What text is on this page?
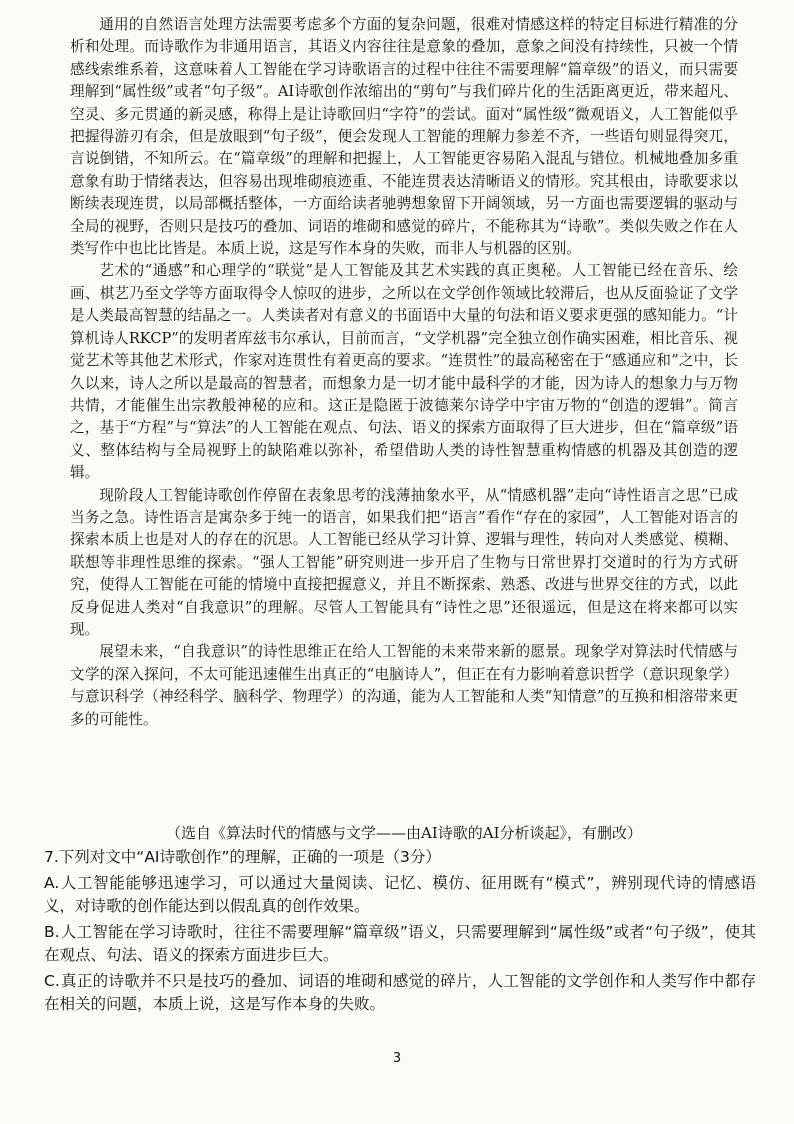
通用的自然语言处理方法需要考虑多个方面的复杂问题，很难对情感这样的特定目标进行精准的分析和处理。而诗歌作为非通用语言，其语义内容往往是意象的叠加，意象之间没有持续性，只被一个情感线索维系着，这意味着人工智能在学习诗歌语言的过程中往往不需要理解“篇章级”的语义，而只需要理解到“属性级”或者“句子级”。AI诗歌创作浓缩出的“剪句”与我们碎片化的生活距离更近，带来超凡、空灵、多元贯通的新灵感，称得上是让诗歌回归“字符”的尝试。面对“属性级”微观语义，人工智能似乎把握得游刃有余，但是放眼到“句子级”，便会发现人工智能的理解力参差不齐，一些语句则显得突兀，言说倒错，不知所云。在“篇章级”的理解和把握上，人工智能更容易陷入混乱与错位。机械地叠加多重意象有助于情绪表达，但容易出现堆砌痕迹重、不能连贯表达清晰语义的情形。究其根由，诗歌要求以断续表现连贯，以局部概括整体，一方面给读者驰骋想象留下开阔领域，另一方面也需要逻辑的驱动与全局的视野，否则只是技巧的叠加、词语的堆砌和感觉的碎片，不能称其为“诗歌”。类似失败之作在人类写作中也比比皆是。本质上说，这是写作本身的失败，而非人与机器的区别。

艺术的“通感”和心理学的“联觉”是人工智能及其艺术实践的真正奥秘。人工智能已经在音乐、绘画、棋艺乃至文学等方面取得令人惊叹的进步，之所以在文学创作领域比较滞后，也从反面验证了文学是人类最高智慧的结晶之一。人类读者对有意义的书面语中大量的句法和语义要求更强的感知能力。“计算机诗人RKCP”的发明者库兹韦尔承认，目前而言，“文学机器”完全独立创作确实困难，相比音乐、视觉艺术等其他艺术形式，作家对连贯性有着更高的要求。“连贯性”的最高秘密在于“感通应和”之中，长久以来，诗人之所以是最高的智慧者，而想象力是一切才能中最科学的才能，因为诗人的想象力与万物共情，才能催生出宗教般神秘的应和。这正是隐匿于波德莱尔诗学中宇宙万物的“创造的逻辑”。简言之，基于“方程”与“算法”的人工智能在观点、句法、语义的探索方面取得了巨大进步，但在“篇章级”语义、整体结构与全局视野上的缺陷难以弥补，希望借助人类的诗性智慧重构情感的机器及其创造的逻辑。

现阶段人工智能诗歌创作停留在表象思考的浅薄抽象水平，从“情感机器”走向“诗性语言之思”已成当务之急。诗性语言是寓杂多于纯一的语言，如果我们把“语言”看作“存在的家园”，人工智能对语言的探索本质上也是对人的存在的沉思。人工智能已经从学习计算、逻辑与理性，转向对人类感觉、模糊、联想等非理性思维的探索。“强人工智能”研究则进一步开启了生物与日常世界打交道时的行为方式研究，使得人工智能在可能的情境中直接把握意义，并且不断探索、熟悉、改进与世界交往的方式，以此反身促进人类对“自我意识”的理解。尽管人工智能具有“诗性之思”还很遥远，但是这在将来都可以实现。

展望未来，“自我意识”的诗性思维正在给人工智能的未来带来新的愿景。现象学对算法时代情感与文学的深入探问，不太可能迅速催生出真正的“电脑诗人”，但正在有力影响着意识哲学（意识现象学）与意识科学（神经科学、脑科学、物理学）的沟通，能为人工智能和人类“知情意”的互换和相溶带来更多的可能性。

（选自《算法时代的情感与文学——由AI诗歌的AI分析谈起》，有删改）
7.下列对文中“AI诗歌创作”的理解，正确的一项是（3分）
A.人工智能能够迅速学习，可以通过大量阅读、记忆、模仿、征用既有“模式”，辨别现代诗的情感语义，对诗歌的创作能达到以假乱真的创作效果。
B.人工智能在学习诗歌时，往往不需要理解“篇章级”语义，只需要理解到“属性级”或者“句子级”，使其在观点、句法、语义的探索方面进步巨大。
C.真正的诗歌并不只是技巧的叠加、词语的堆砌和感觉的碎片，人工智能的文学创作和人类写作中都存在相关的问题，本质上说，这是写作本身的失败。
3
